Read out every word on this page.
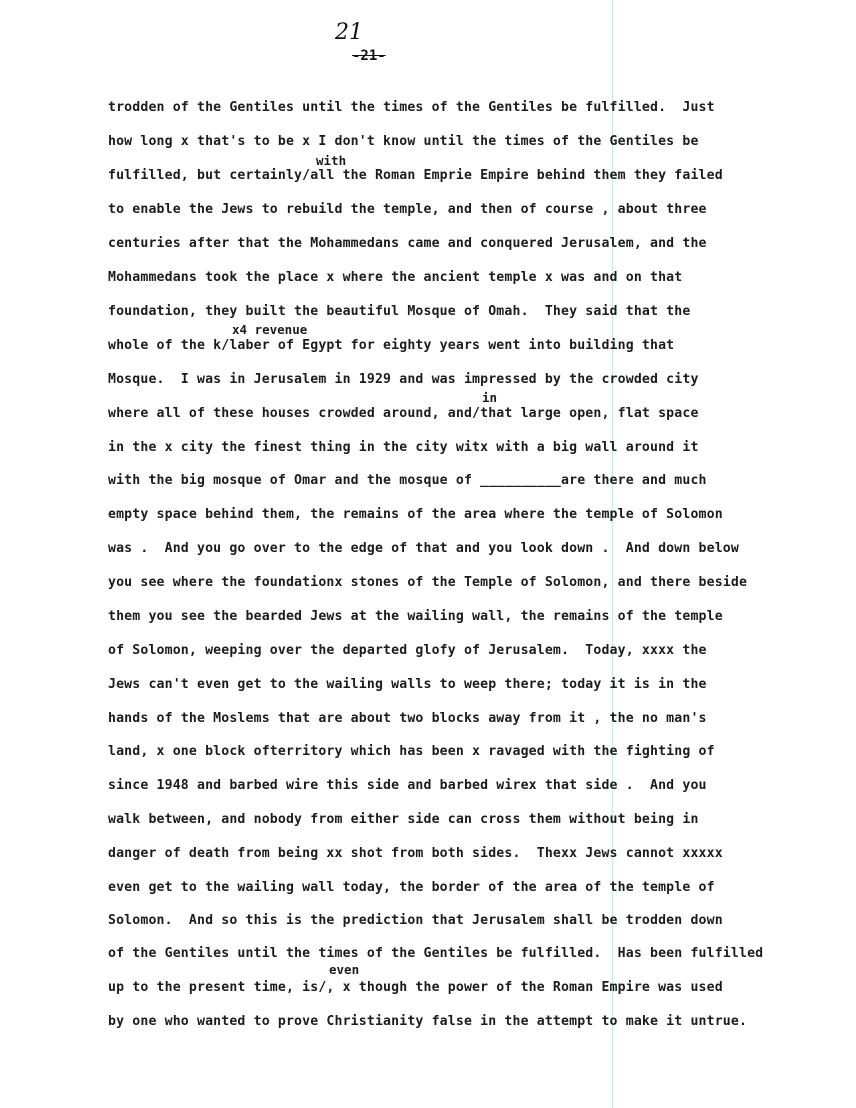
21
-21-
with
x4 revenue
in
even
trodden of the Gentiles until the times of the Gentiles be fulfilled.  Just
how long x that's to be x I don't know until the times of the Gentiles be
fulfilled, but certainly/all the Roman Emprie Empire behind them they failed
to enable the Jews to rebuild the temple, and then of course , about three
centuries after that the Mohammedans came and conquered Jerusalem, and the
Mohammedans took the place x where the ancient temple x was and on that
foundation, they built the beautiful Mosque of Omah.  They said that the
whole of the k/laber of Egypt for eighty years went into building that
Mosque.  I was in Jerusalem in 1929 and was impressed by the crowded city
where all of these houses crowded around, and/that large open, flat space
in the x city the finest thing in the city witx with a big wall around it
with the big mosque of Omar and the mosque of __________are there and much
empty space behind them, the remains of the area where the temple of Solomon
was .  And you go over to the edge of that and you look down .  And down below
you see where the foundationx stones of the Temple of Solomon, and there beside
them you see the bearded Jews at the wailing wall, the remains of the temple
of Solomon, weeping over the departed glofy of Jerusalem.  Today, xxxx the
Jews can't even get to the wailing walls to weep there; today it is in the
hands of the Moslems that are about two blocks away from it , the no man's
land, x one block ofterritory which has been x ravaged with the fighting of
since 1948 and barbed wire this side and barbed wirex that side .  And you
walk between, and nobody from either side can cross them without being in
danger of death from being xx shot from both sides.  Thexx Jews cannot xxxxx
even get to the wailing wall today, the border of the area of the temple of
Solomon.  And so this is the prediction that Jerusalem shall be trodden down
of the Gentiles until the times of the Gentiles be fulfilled.  Has been fulfilled
up to the present time, is/, x though the power of the Roman Empire was used
by one who wanted to prove Christianity false in the attempt to make it untrue.
